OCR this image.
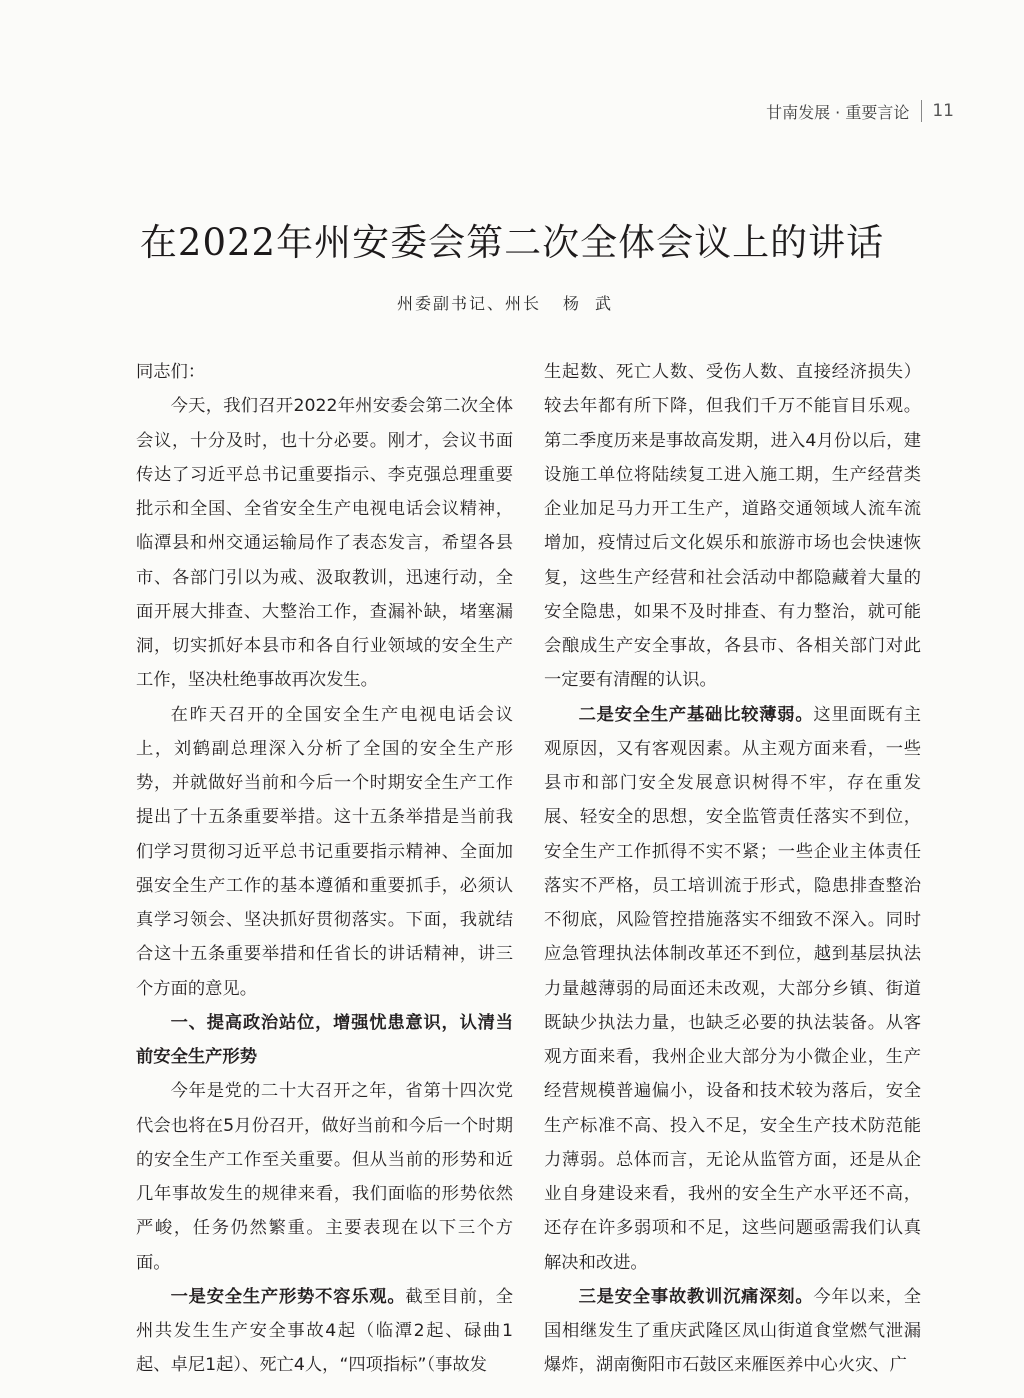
甘南发展 · 重要言论 11
在2022年州安委会第二次全体会议上的讲话

州委副书记、州长 杨武

同志们：

今天，我们召开2022年州安委会第二次全体会议，十分及时，也十分必要。刚才，会议书面传达了习近平总书记重要指示、李克强总理重要批示和全国、全省安全生产电视电话会议精神，临潭县和州交通运输局作了表态发言，希望各县市、各部门引以为戒、汲取教训，迅速行动，全面开展大排查、大整治工作，查漏补缺，堵塞漏洞，切实抓好本县市和各自行业领域的安全生产工作，坚决杜绝事故再次发生。

在昨天召开的全国安全生产电视电话会议上，刘鹤副总理深入分析了全国的安全生产形势，并就做好当前和今后一个时期安全生产工作提出了十五条重要举措。这十五条举措是当前我们学习贯彻习近平总书记重要指示精神、全面加强安全生产工作的基本遵循和重要抓手，必须认真学习领会、坚决抓好贯彻落实。下面，我就结合这十五条重要举措和任省长的讲话精神，讲三个方面的意见。

一、提高政治站位，增强忧患意识，认清当前安全生产形势

今年是党的二十大召开之年，省第十四次党代会也将在5月份召开，做好当前和今后一个时期的安全生产工作至关重要。但从当前的形势和近几年事故发生的规律来看，我们面临的形势依然严峻，任务仍然繁重。主要表现在以下三个方面。

一是安全生产形势不容乐观。截至目前，全州共发生生产安全事故4起（临潭2起、碌曲1起、卓尼1起）、死亡4人，“四项指标”（事故发

生起数、死亡人数、受伤人数、直接经济损失）较去年都有所下降，但我们千万不能盲目乐观。第二季度历来是事故高发期，进入4月份以后，建设施工单位将陆续复工进入施工期，生产经营类企业加足马力开工生产，道路交通领域人流车流增加，疫情过后文化娱乐和旅游市场也会快速恢复，这些生产经营和社会活动中都隐藏着大量的安全隐患，如果不及时排查、有力整治，就可能会酿成生产安全事故，各县市、各相关部门对此一定要有清醒的认识。

二是安全生产基础比较薄弱。这里面既有主观原因，又有客观因素。从主观方面来看，一些县市和部门安全发展意识树得不牢，存在重发展、轻安全的思想，安全监管责任落实不到位，安全生产工作抓得不实不紧；一些企业主体责任落实不严格，员工培训流于形式，隐患排查整治不彻底，风险管控措施落实不细致不深入。同时应急管理执法体制改革还不到位，越到基层执法力量越薄弱的局面还未改观，大部分乡镇、街道既缺少执法力量，也缺乏必要的执法装备。从客观方面来看，我州企业大部分为小微企业，生产经营规模普遍偏小，设备和技术较为落后，安全生产标准不高、投入不足，安全生产技术防范能力薄弱。总体而言，无论从监管方面，还是从企业自身建设来看，我州的安全生产水平还不高，还存在许多弱项和不足，这些问题亟需我们认真解决和改进。

三是安全事故教训沉痛深刻。今年以来，全国相继发生了重庆武隆区凤山街道食堂燃气泄漏爆炸，湖南衡阳市石鼓区来雁医养中心火灾、广
